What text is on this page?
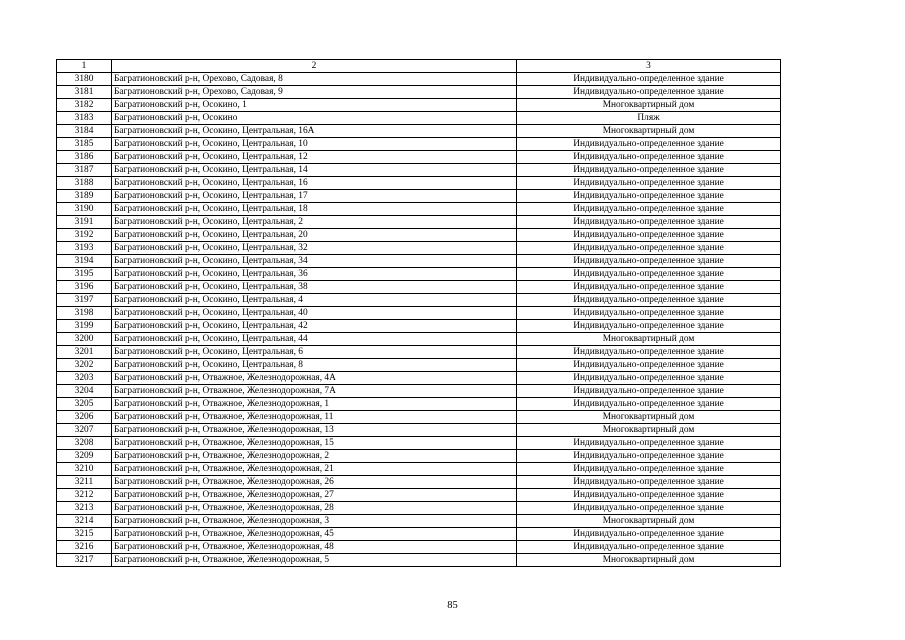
1	2	3
3180	Багратионовский р-н, Орехово, Садовая, 8	Индивидуально-определенное здание
3181	Багратионовский р-н, Орехово, Садовая, 9	Индивидуально-определенное здание
3182	Багратионовский р-н, Осокино, 1	Многоквартирный дом
3183	Багратионовский р-н, Осокино	Пляж
3184	Багратионовский р-н, Осокино, Центральная, 16А	Многоквартирный дом
3185	Багратионовский р-н, Осокино, Центральная, 10	Индивидуально-определенное здание
3186	Багратионовский р-н, Осокино, Центральная, 12	Индивидуально-определенное здание
3187	Багратионовский р-н, Осокино, Центральная, 14	Индивидуально-определенное здание
3188	Багратионовский р-н, Осокино, Центральная, 16	Индивидуально-определенное здание
3189	Багратионовский р-н, Осокино, Центральная, 17	Индивидуально-определенное здание
3190	Багратионовский р-н, Осокино, Центральная, 18	Индивидуально-определенное здание
3191	Багратионовский р-н, Осокино, Центральная, 2	Индивидуально-определенное здание
3192	Багратионовский р-н, Осокино, Центральная, 20	Индивидуально-определенное здание
3193	Багратионовский р-н, Осокино, Центральная, 32	Индивидуально-определенное здание
3194	Багратионовский р-н, Осокино, Центральная, 34	Индивидуально-определенное здание
3195	Багратионовский р-н, Осокино, Центральная, 36	Индивидуально-определенное здание
3196	Багратионовский р-н, Осокино, Центральная, 38	Индивидуально-определенное здание
3197	Багратионовский р-н, Осокино, Центральная, 4	Индивидуально-определенное здание
3198	Багратионовский р-н, Осокино, Центральная, 40	Индивидуально-определенное здание
3199	Багратионовский р-н, Осокино, Центральная, 42	Индивидуально-определенное здание
3200	Багратионовский р-н, Осокино, Центральная, 44	Многоквартирный дом
3201	Багратионовский р-н, Осокино, Центральная, 6	Индивидуально-определенное здание
3202	Багратионовский р-н, Осокино, Центральная, 8	Индивидуально-определенное здание
3203	Багратионовский р-н, Отважное, Железнодорожная, 4А	Индивидуально-определенное здание
3204	Багратионовский р-н, Отважное, Железнодорожная, 7А	Индивидуально-определенное здание
3205	Багратионовский р-н, Отважное, Железнодорожная, 1	Индивидуально-определенное здание
3206	Багратионовский р-н, Отважное, Железнодорожная, 11	Многоквартирный дом
3207	Багратионовский р-н, Отважное, Железнодорожная, 13	Многоквартирный дом
3208	Багратионовский р-н, Отважное, Железнодорожная, 15	Индивидуально-определенное здание
3209	Багратионовский р-н, Отважное, Железнодорожная, 2	Индивидуально-определенное здание
3210	Багратионовский р-н, Отважное, Железнодорожная, 21	Индивидуально-определенное здание
3211	Багратионовский р-н, Отважное, Железнодорожная, 26	Индивидуально-определенное здание
3212	Багратионовский р-н, Отважное, Железнодорожная, 27	Индивидуально-определенное здание
3213	Багратионовский р-н, Отважное, Железнодорожная, 28	Индивидуально-определенное здание
3214	Багратионовский р-н, Отважное, Железнодорожная, 3	Многоквартирный дом
3215	Багратионовский р-н, Отважное, Железнодорожная, 45	Индивидуально-определенное здание
3216	Багратионовский р-н, Отважное, Железнодорожная, 48	Индивидуально-определенное здание
3217	Багратионовский р-н, Отважное, Железнодорожная, 5	Многоквартирный дом
85
